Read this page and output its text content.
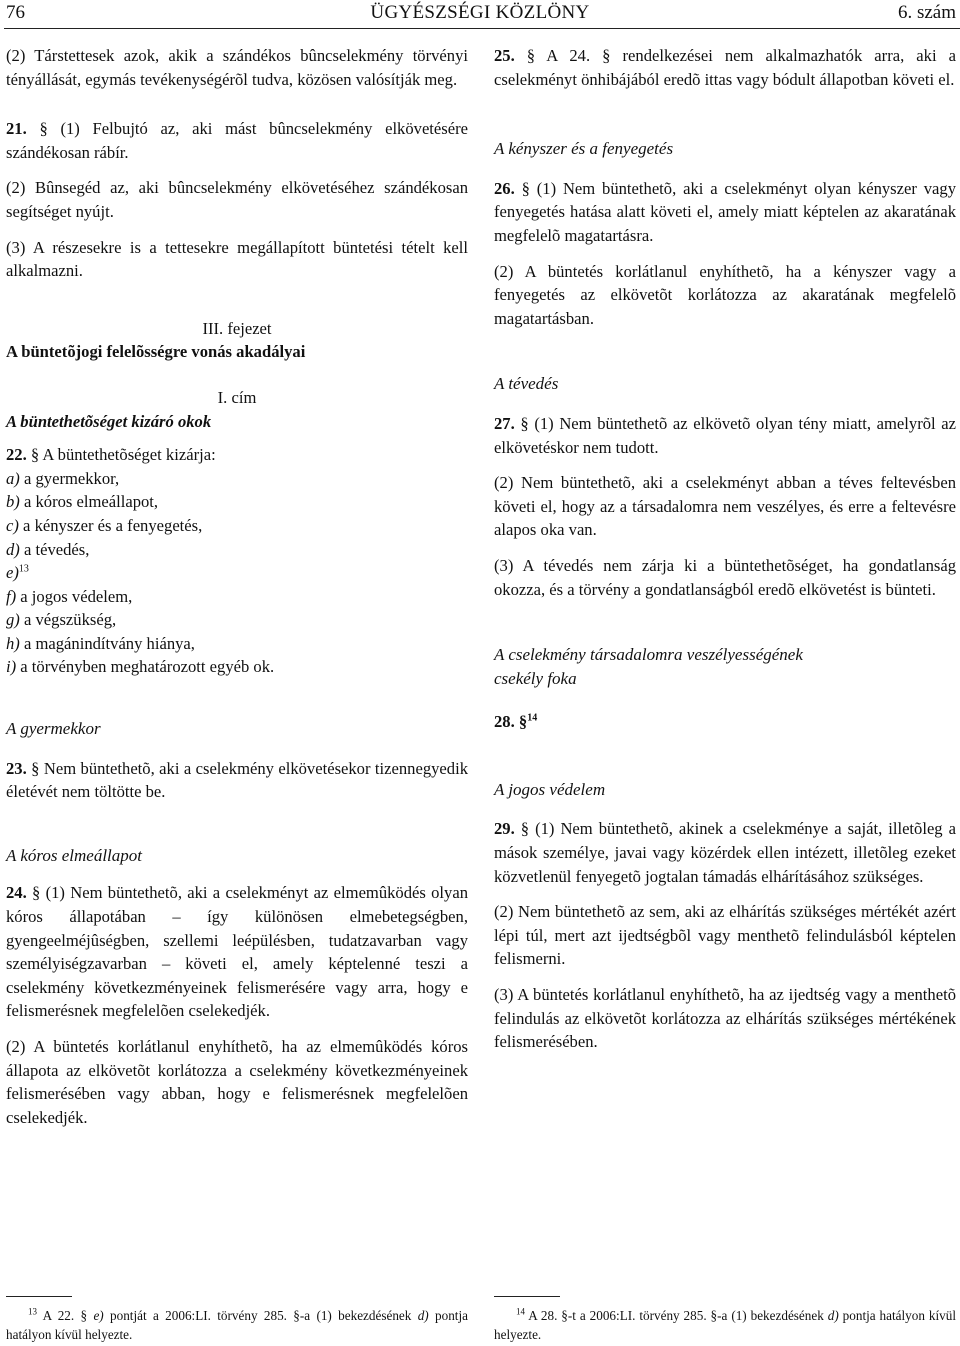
76	ÜGYÉSZSÉGI KÖZLÖNY	6. szám

(2) Társtettesek azok, akik a szándékos bûncselekmény törvényi tényállását, egymás tevékenységérõl tudva, közösen valósítják meg.

21. § (1) Felbujtó az, aki mást bûncselekmény elkövetésére szándékosan rábír.

(2) Bûnsegéd az, aki bûncselekmény elkövetéséhez szándékosan segítséget nyújt.

(3) A részesekre is a tettesekre megállapított büntetési tételt kell alkalmazni.

III. fejezet

A büntetõjogi felelõsségre vonás akadályai

I. cím

A büntethetõséget kizáró okok

22. § A büntethetõséget kizárja:

a) a gyermekkor,

b) a kóros elmeállapot,

c) a kényszer és a fenyegetés,

d) a tévedés,

e)$^{13}$

f) a jogos védelem,

g) a végszükség,

h) a magánindítvány hiánya,

i) a törvényben meghatározott egyéb ok.

A gyermekkor

23. § Nem büntethetõ, aki a cselekmény elkövetésekor tizennegyedik életévét nem töltötte be.

A kóros elmeállapot

24. § (1) Nem büntethetõ, aki a cselekményt az elmemûködés olyan kóros állapotában – így különösen elmebetegségben, gyengeelméjûségben, szellemi leépülésben, tudatzavarban vagy személyiségzavarban – követi el, amely képtelenné teszi a cselekmény következményeinek felismerésére vagy arra, hogy e felismerésnek megfelelõen cselekedjék.

(2) A büntetés korlátlanul enyhíthetõ, ha az elmemûködés kóros állapota az elkövetõt korlátozza a cselekmény következményeinek felismerésében vagy abban, hogy e felismerésnek megfelelõen cselekedjék.

25. § A 24. § rendelkezései nem alkalmazhatók arra, aki a cselekményt önhibájából eredõ ittas vagy bódult állapotban követi el.

A kényszer és a fenyegetés

26. § (1) Nem büntethetõ, aki a cselekményt olyan kényszer vagy fenyegetés hatása alatt követi el, amely miatt képtelen az akaratának megfelelõ magatartásra.

(2) A büntetés korlátlanul enyhíthetõ, ha a kényszer vagy a fenyegetés az elkövetõt korlátozza az akaratának megfelelõ magatartásban.

A tévedés

27. § (1) Nem büntethetõ az elkövetõ olyan tény miatt, amelyrõl az elkövetéskor nem tudott.

(2) Nem büntethetõ, aki a cselekményt abban a téves feltevésben követi el, hogy az a társadalomra nem veszélyes, és erre a feltevésre alapos oka van.

(3) A tévedés nem zárja ki a büntethetõséget, ha gondatlanság okozza, és a törvény a gondatlanságból eredõ elkövetést is bünteti.

A cselekmény társadalomra veszélyességének

csekély foka

28. §$^{14}$

A jogos védelem

29. § (1) Nem büntethetõ, akinek a cselekménye a saját, illetõleg a mások személye, javai vagy közérdek ellen intézett, illetõleg ezeket közvetlenül fenyegetõ jogtalan támadás elhárításához szükséges.

(2) Nem büntethetõ az sem, aki az elhárítás szükséges mértékét azért lépi túl, mert azt ijedtségbõl vagy menthetõ felindulásból képtelen felismerni.

(3) A büntetés korlátlanul enyhíthetõ, ha az ijedtség vagy a menthetõ felindulás az elkövetõt korlátozza az elhárítás szükséges mértékének felismerésében.

$^{13}$ A 22. § e) pontját a 2006:LI. törvény 285. §-a (1) bekezdésének d) pontja hatályon kívül helyezte.

$^{14}$ A 28. §-t a 2006:LI. törvény 285. §-a (1) bekezdésének d) pontja hatályon kívül helyezte.
